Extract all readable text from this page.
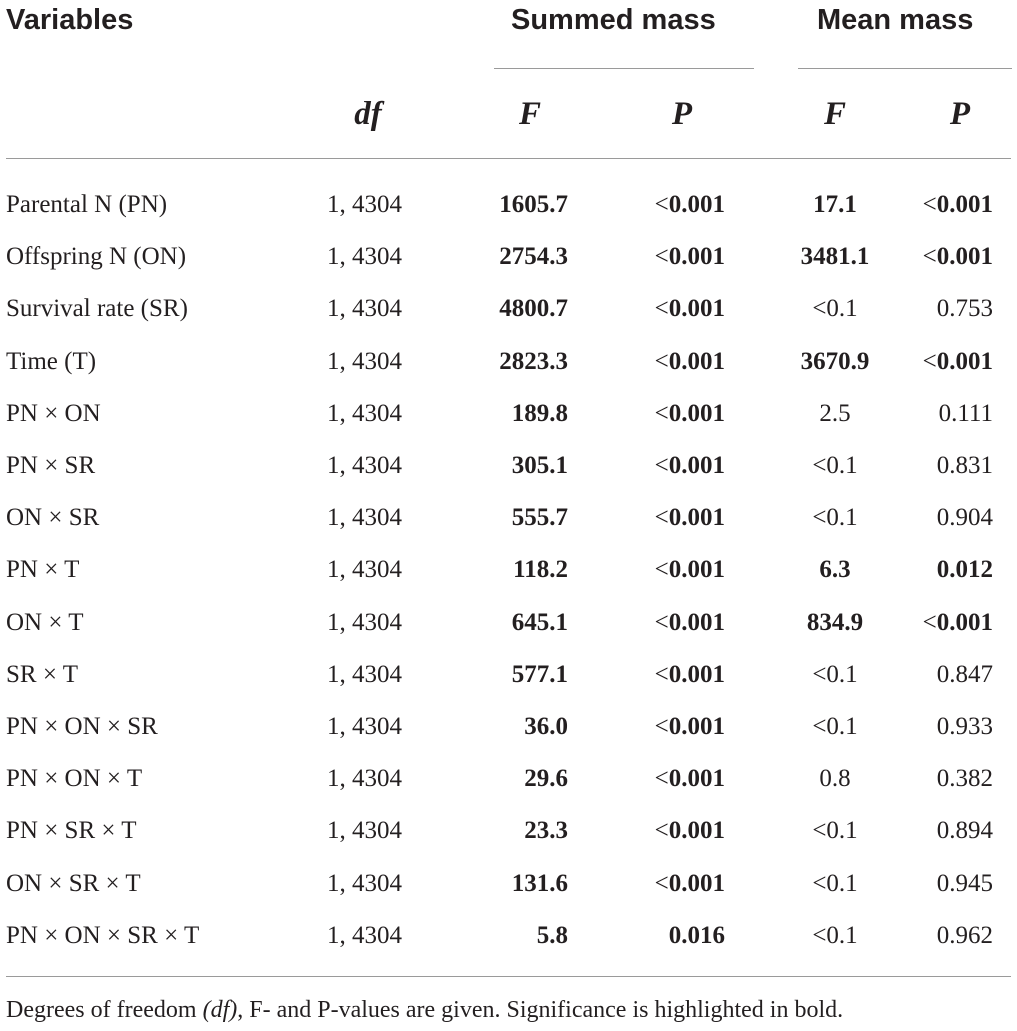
Variables	Summed mass	Mean mass
df	F	P	F	P
Parental N (PN)	1, 4304	1605.7	<0.001	17.1	<0.001
Offspring N (ON)	1, 4304	2754.3	<0.001	3481.1 <0.001
Survival rate (SR)	1, 4304	4800.7	<0.001	<0.1	0.753
Time (T)	1, 4304	2823.3	<0.001	3670.9 <0.001
PN × ON	1, 4304	189.8	<0.001	2.5	0.111
PN × SR	1, 4304	305.1	<0.001	<0.1	0.831
ON × SR	1, 4304	555.7	<0.001	<0.1	0.904
PN × T	1, 4304	118.2	<0.001	6.3	0.012
ON × T	1, 4304	645.1	<0.001	834.9	<0.001
SR × T	1, 4304	577.1	<0.001	<0.1	0.847
PN × ON × SR	1, 4304	36.0	<0.001	<0.1	0.933
PN × ON × T	1, 4304	29.6	<0.001	0.8	0.382
PN × SR × T	1, 4304	23.3	<0.001	<0.1	0.894
ON × SR × T	1, 4304	131.6	<0.001	<0.1	0.945
PN × ON × SR × T	1, 4304	5.8	0.016	<0.1	0.962
Degrees of freedom (df), F- and P-values are given. Significance is highlighted in bold.
